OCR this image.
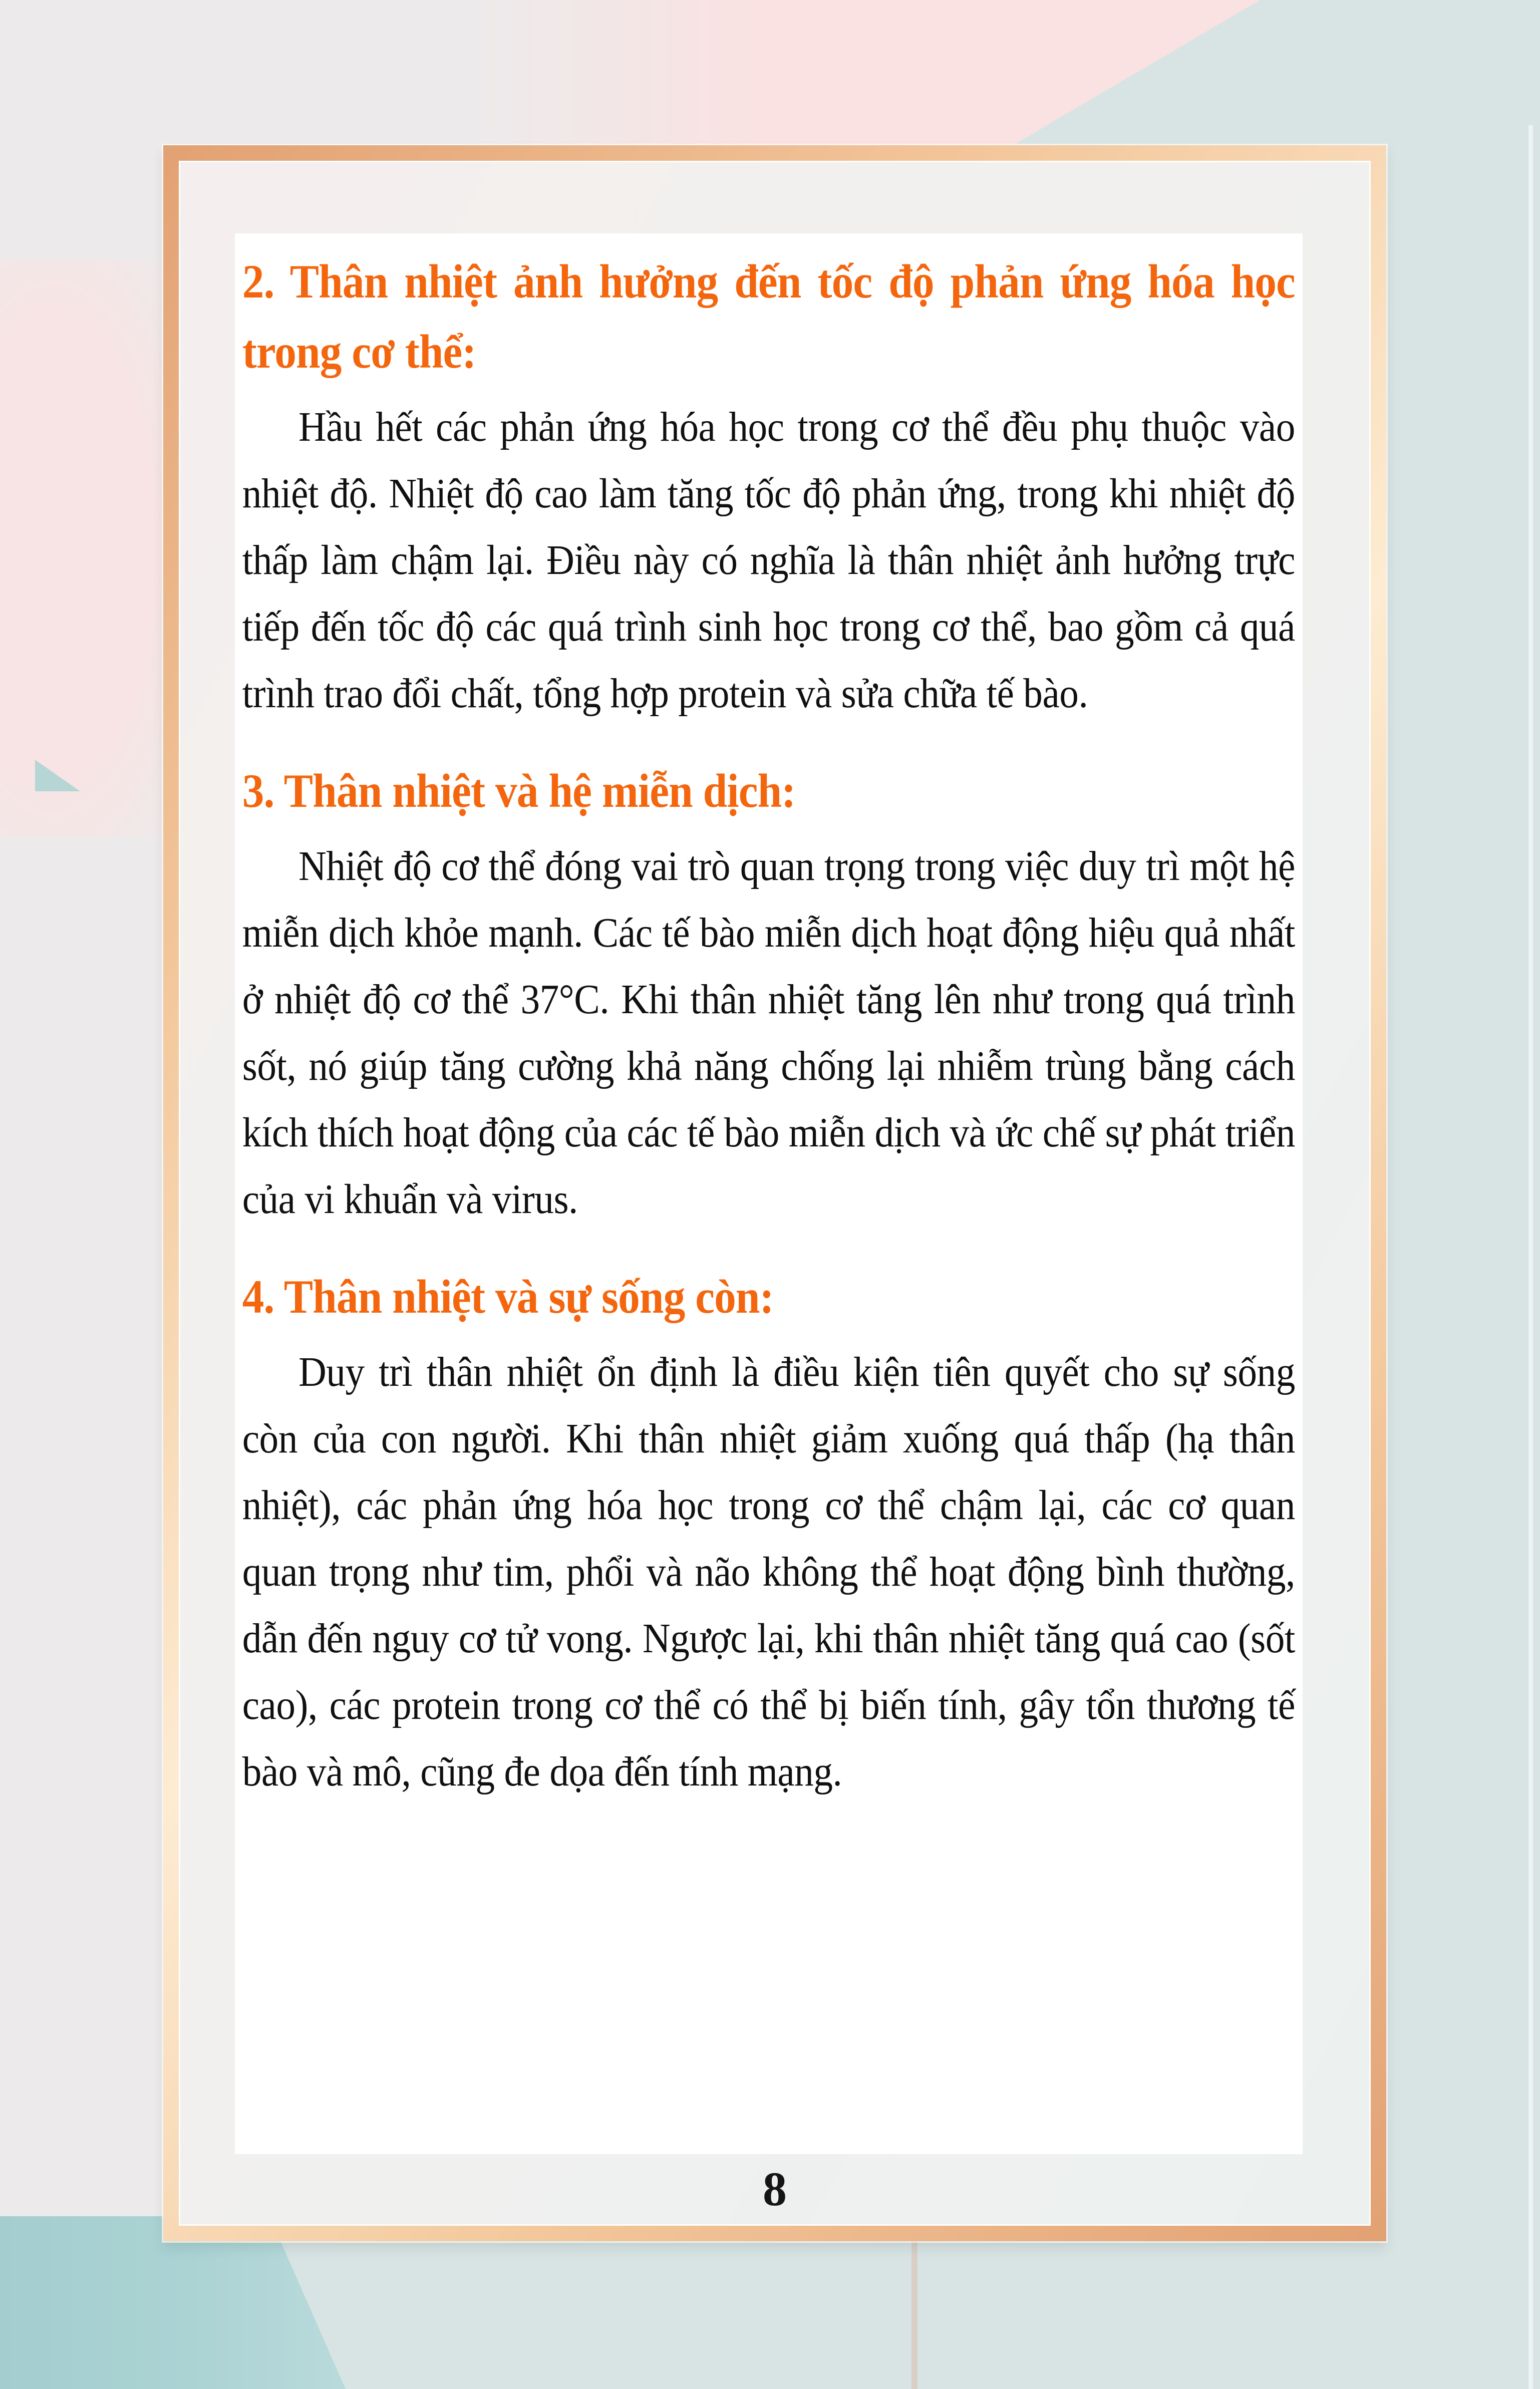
2. Thân nhiệt ảnh hưởng đến tốc độ phản ứng hóa học trong cơ thể:

Hầu hết các phản ứng hóa học trong cơ thể đều phụ thuộc vào nhiệt độ. Nhiệt độ cao làm tăng tốc độ phản ứng, trong khi nhiệt độ thấp làm chậm lại. Điều này có nghĩa là thân nhiệt ảnh hưởng trực tiếp đến tốc độ các quá trình sinh học trong cơ thể, bao gồm cả quá trình trao đổi chất, tổng hợp protein và sửa chữa tế bào.

3. Thân nhiệt và hệ miễn dịch:

Nhiệt độ cơ thể đóng vai trò quan trọng trong việc duy trì một hệ miễn dịch khỏe mạnh. Các tế bào miễn dịch hoạt động hiệu quả nhất ở nhiệt độ cơ thể 37°C. Khi thân nhiệt tăng lên như trong quá trình sốt, nó giúp tăng cường khả năng chống lại nhiễm trùng bằng cách kích thích hoạt động của các tế bào miễn dịch và ức chế sự phát triển của vi khuẩn và virus.

4. Thân nhiệt và sự sống còn:

Duy trì thân nhiệt ổn định là điều kiện tiên quyết cho sự sống còn của con người. Khi thân nhiệt giảm xuống quá thấp (hạ thân nhiệt), các phản ứng hóa học trong cơ thể chậm lại, các cơ quan quan trọng như tim, phổi và não không thể hoạt động bình thường, dẫn đến nguy cơ tử vong. Ngược lại, khi thân nhiệt tăng quá cao (sốt cao), các protein trong cơ thể có thể bị biến tính, gây tổn thương tế bào và mô, cũng đe dọa đến tính mạng.

8
